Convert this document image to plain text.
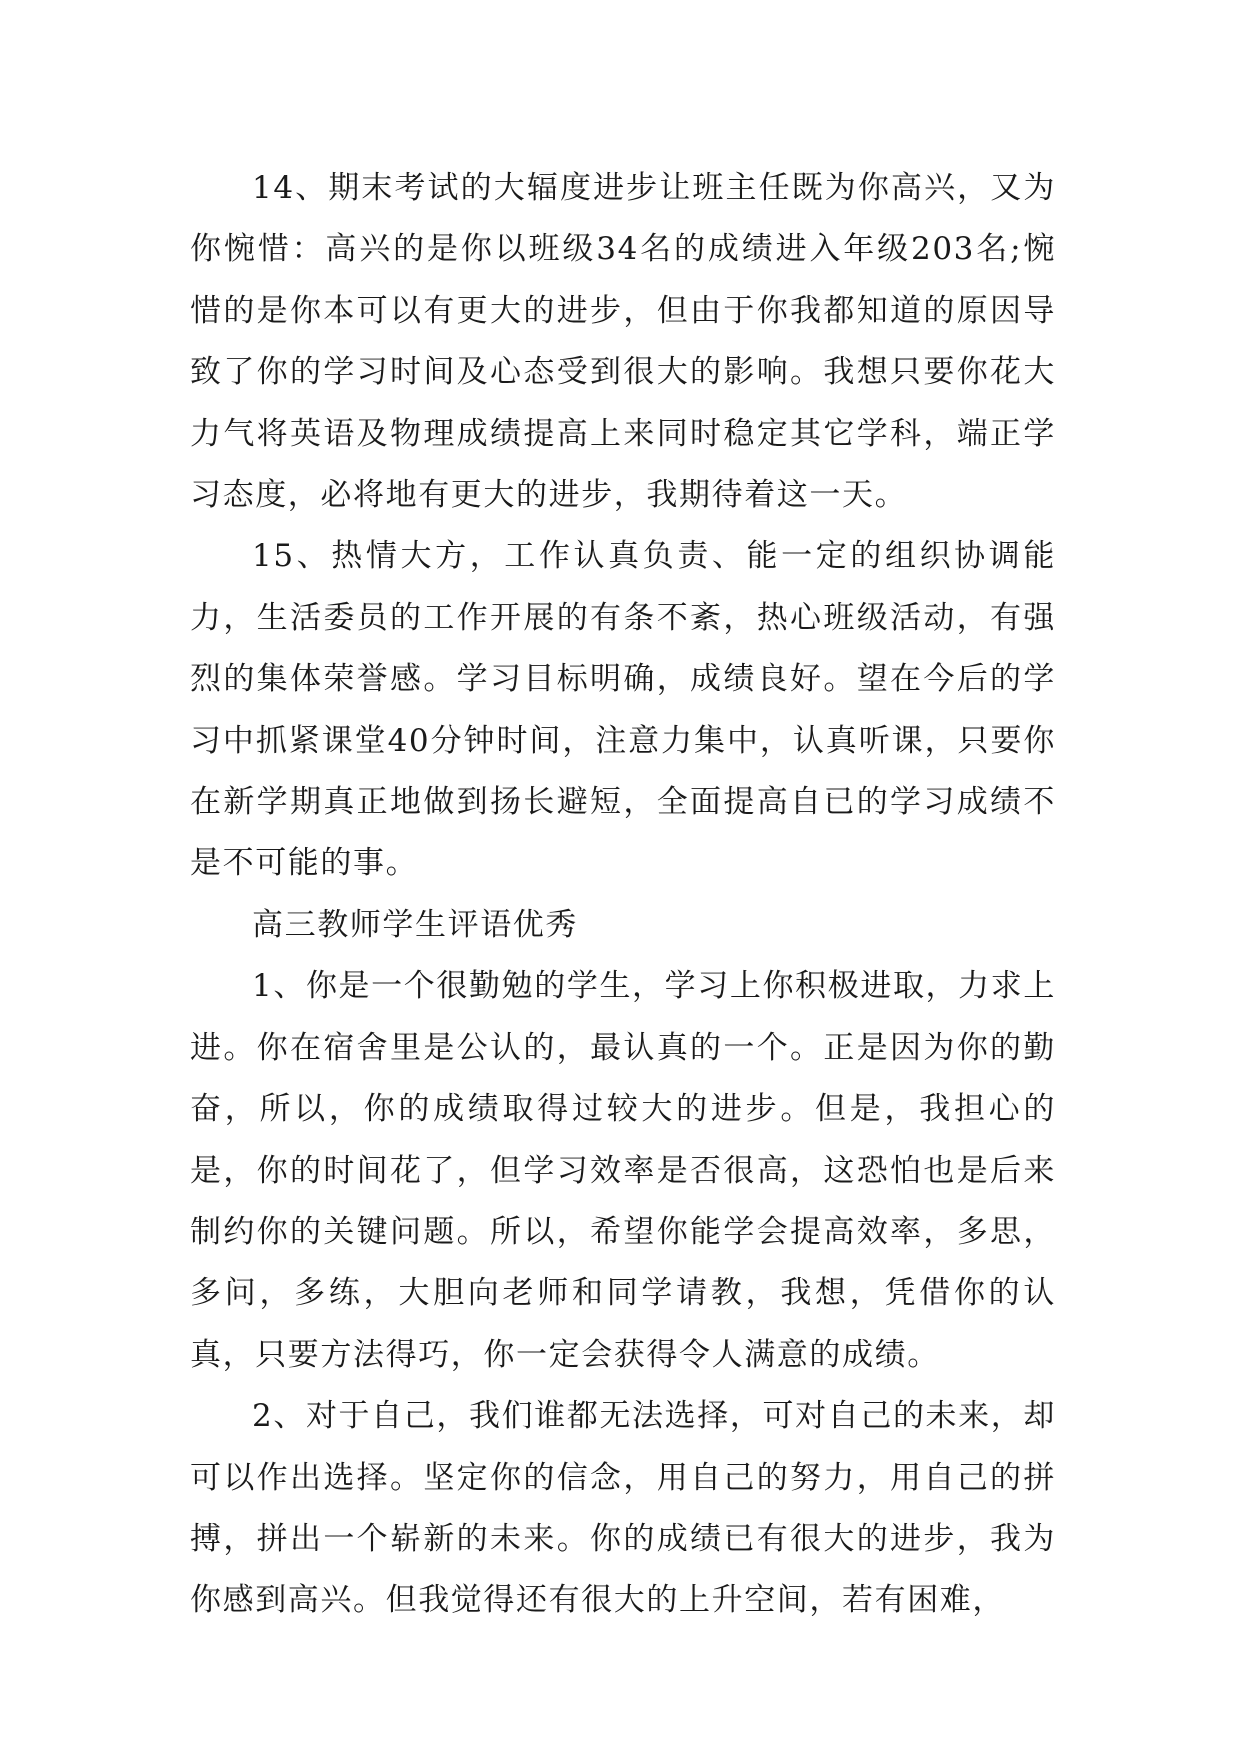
14、期末考试的大辐度进步让班主任既为你高兴，又为你惋惜：高兴的是你以班级34名的成绩进入年级203名;惋惜的是你本可以有更大的进步，但由于你我都知道的原因导致了你的学习时间及心态受到很大的影响。我想只要你花大力气将英语及物理成绩提高上来同时稳定其它学科，端正学习态度，必将地有更大的进步，我期待着这一天。

15、热情大方，工作认真负责、能一定的组织协调能力，生活委员的工作开展的有条不紊，热心班级活动，有强烈的集体荣誉感。学习目标明确，成绩良好。望在今后的学习中抓紧课堂40分钟时间，注意力集中，认真听课，只要你在新学期真正地做到扬长避短，全面提高自已的学习成绩不是不可能的事。

高三教师学生评语优秀

1、你是一个很勤勉的学生，学习上你积极进取，力求上进。你在宿舍里是公认的，最认真的一个。正是因为你的勤奋，所以，你的成绩取得过较大的进步。但是，我担心的是，你的时间花了，但学习效率是否很高，这恐怕也是后来制约你的关键问题。所以，希望你能学会提高效率，多思，多问，多练，大胆向老师和同学请教，我想，凭借你的认真，只要方法得巧，你一定会获得令人满意的成绩。

2、对于自己，我们谁都无法选择，可对自己的未来，却可以作出选择。坚定你的信念，用自己的努力，用自己的拼搏，拼出一个崭新的未来。你的成绩已有很大的进步，我为你感到高兴。但我觉得还有很大的上升空间，若有困难，
